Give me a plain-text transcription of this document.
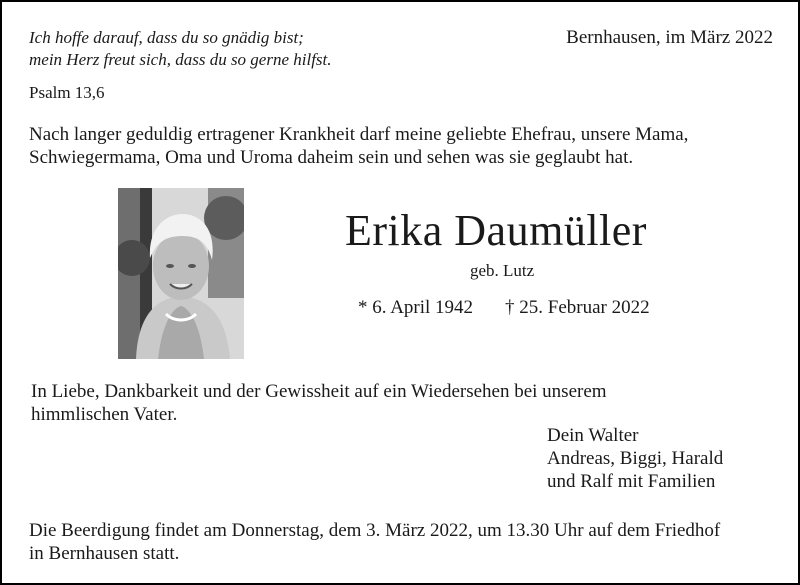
Ich hoffe darauf, dass du so gnädig bist;
mein Herz freut sich, dass du so gerne hilfst.
Psalm 13,6
Bernhausen, im März 2022
Nach langer geduldig ertragener Krankheit darf meine geliebte Ehefrau, unsere Mama,
Schwiegermama, Oma und Uroma daheim sein und sehen was sie geglaubt hat.
Erika Daumüller
geb. Lutz
* 6. April 1942 † 25. Februar 2022
In Liebe, Dankbarkeit und der Gewissheit auf ein Wiedersehen bei unserem
himmlischen Vater.
Dein Walter
Andreas, Biggi, Harald
und Ralf mit Familien
Die Beerdigung findet am Donnerstag, dem 3. März 2022, um 13.30 Uhr auf dem Friedhof
in Bernhausen statt.
